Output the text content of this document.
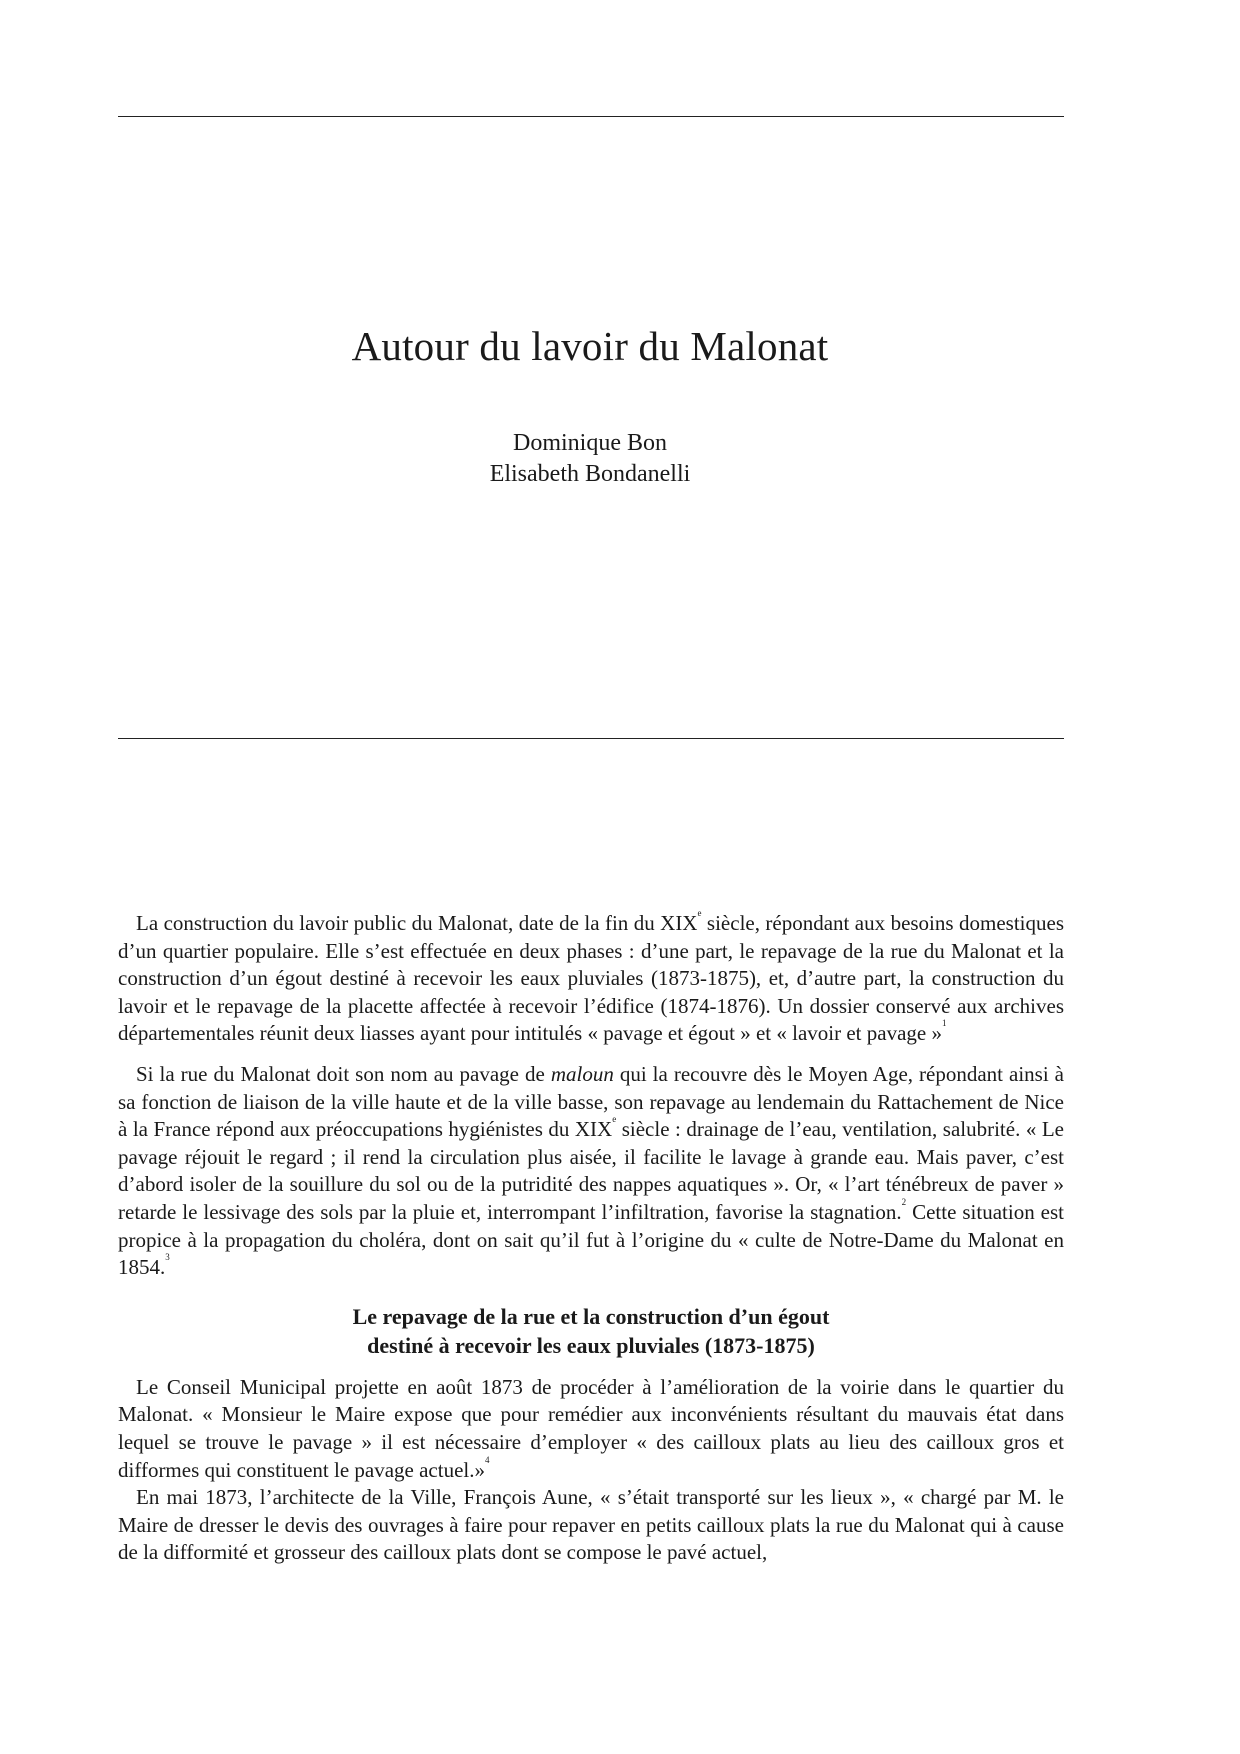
Autour du lavoir du Malonat
Dominique Bon
Elisabeth Bondanelli

La construction du lavoir public du Malonat, date de la fin du XIXe siècle, répondant aux besoins domestiques d’un quartier populaire. Elle s’est effectuée en deux phases : d’une part, le repavage de la rue du Malonat et la construction d’un égout destiné à recevoir les eaux pluviales (1873-1875), et, d’autre part, la construction du lavoir et le repavage de la placette affectée à recevoir l’édifice (1874-1876). Un dossier conservé aux archives départementales réunit deux liasses ayant pour intitulés « pavage et égout » et « lavoir et pavage »$^1$

Si la rue du Malonat doit son nom au pavage de maloun qui la recouvre dès le Moyen Age, répondant ainsi à sa fonction de liaison de la ville haute et de la ville basse, son repavage au lendemain du Rattachement de Nice à la France répond aux préoccupations hygiénistes du XIXe siècle : drainage de l’eau, ventilation, salubrité. « Le pavage réjouit le regard ; il rend la circulation plus aisée, il facilite le lavage à grande eau. Mais paver, c’est d’abord isoler de la souillure du sol ou de la putridité des nappes aquatiques ». Or, « l’art ténébreux de paver » retarde le lessivage des sols par la pluie et, interrompant l’infiltration, favorise la stagnation.$^2$ Cette situation est propice à la propagation du choléra, dont on sait qu’il fut à l’origine du « culte de Notre-Dame du Malonat en 1854.$^3$

Le repavage de la rue et la construction d’un égout
destiné à recevoir les eaux pluviales (1873-1875)

Le Conseil Municipal projette en août 1873 de procéder à l’amélioration de la voirie dans le quartier du Malonat. « Monsieur le Maire expose que pour remédier aux inconvénients résultant du mauvais état dans lequel se trouve le pavage » il est nécessaire d’employer « des cailloux plats au lieu des cailloux gros et difformes qui constituent le pavage actuel.»$^4$

En mai 1873, l’architecte de la Ville, François Aune, « s’était transporté sur les lieux », « chargé par M. le Maire de dresser le devis des ouvrages à faire pour repaver en petits cailloux plats la rue du Malonat qui à cause de la difformité et grosseur des cailloux plats dont se compose le pavé actuel,
